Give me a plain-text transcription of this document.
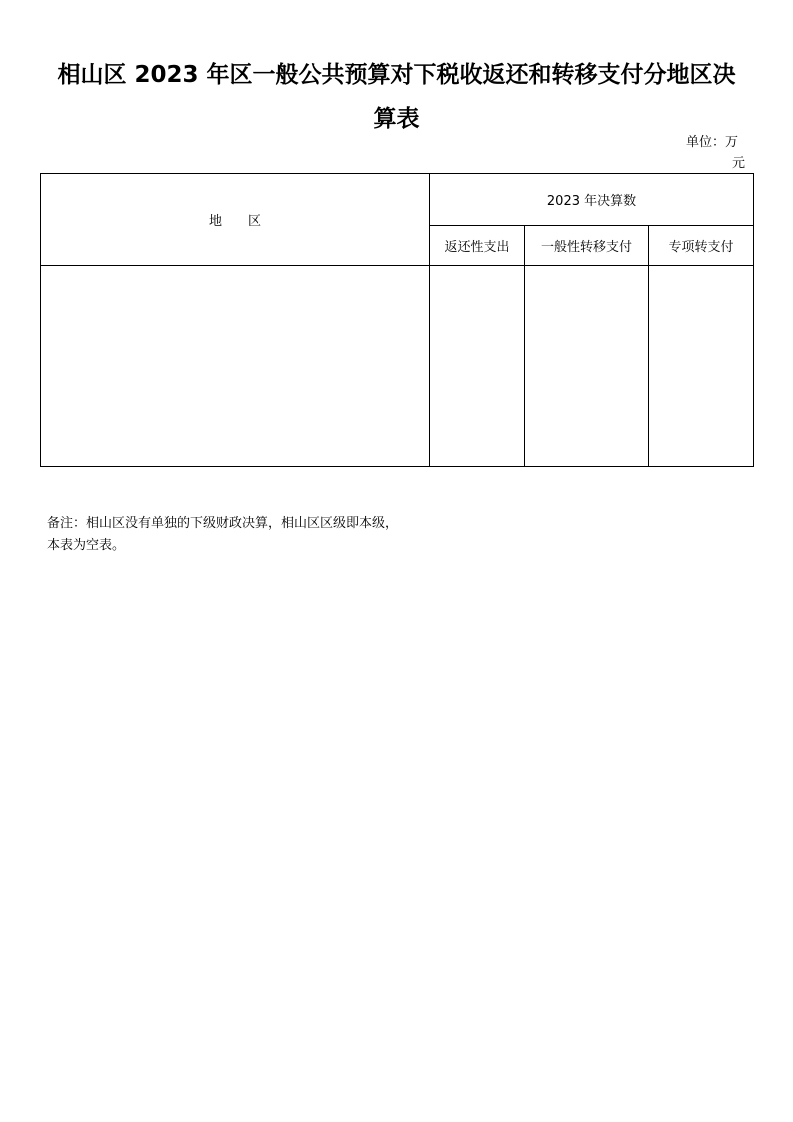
相山区 2023 年区一般公共预算对下税收返还和转移支付分地区决
算表
单位：万
元
地 区	2023 年决算数		
	返还性支出	一般性转移支付	专项转支付

备注：相山区没有单独的下级财政决算，相山区区级即本级，
本表为空表。
